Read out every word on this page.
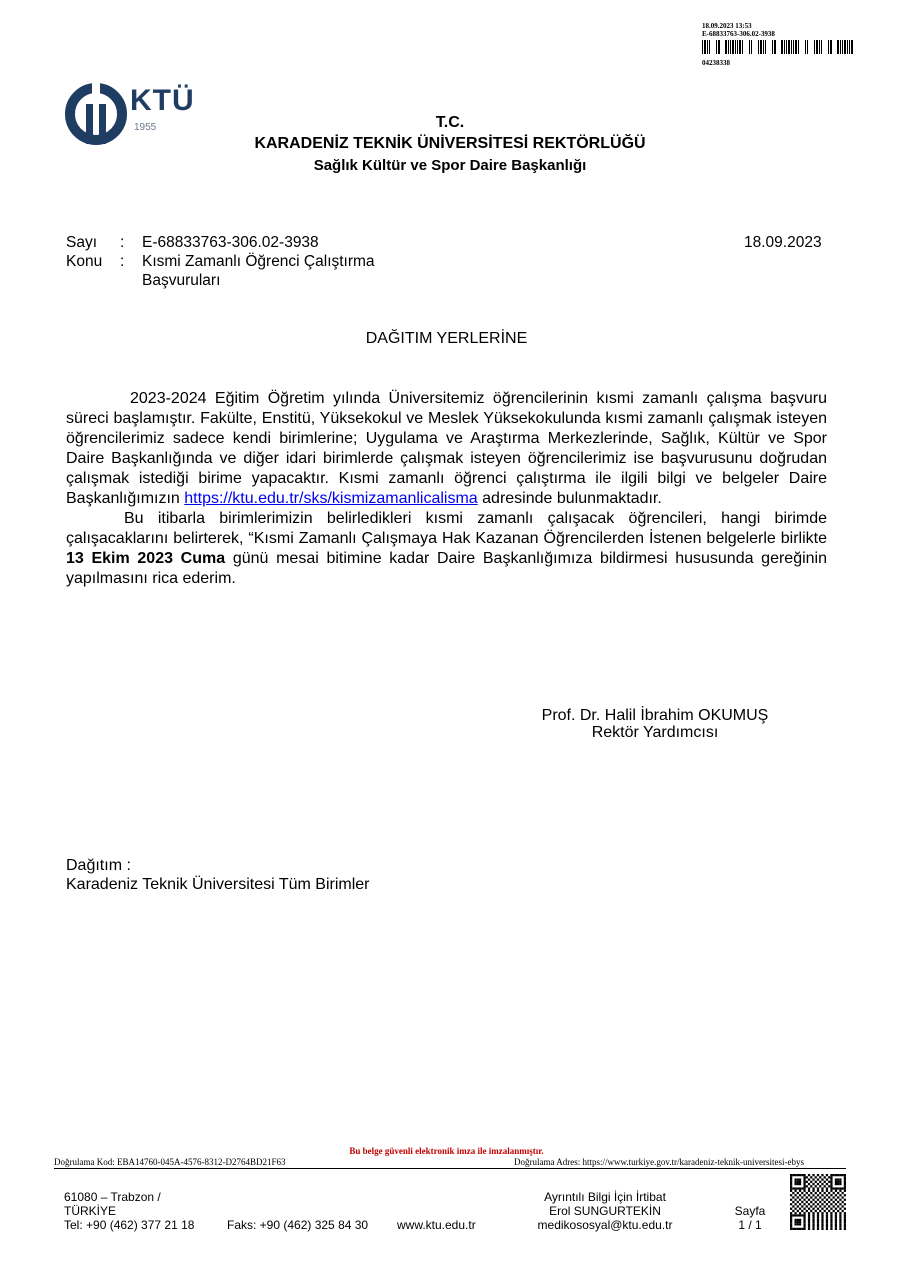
18.09.2023 13:53
E-68833763-306.02-3938
04238338
KTÜ
1955	T.C.
KARADENİZ TEKNİK ÜNİVERSİTESİ REKTÖRLÜĞÜ
Sağlık Kültür ve Spor Daire Başkanlığı
Sayı : E-68833763-306.02-3938	18.09.2023
Konu : Kısmi Zamanlı Öğrenci Çalıştırma
Başvuruları
DAĞITIM YERLERİNE

2023-2024 Eğitim Öğretim yılında Üniversitemiz öğrencilerinin kısmi zamanlı çalışma başvuru süreci başlamıştır. Fakülte, Enstitü, Yüksekokul ve Meslek Yüksekokulunda kısmi zamanlı çalışmak isteyen öğrencilerimiz sadece kendi birimlerine; Uygulama ve Araştırma Merkezlerinde, Sağlık, Kültür ve Spor Daire Başkanlığında ve diğer idari birimlerde çalışmak isteyen öğrencilerimiz ise başvurusunu doğrudan çalışmak istediği birime yapacaktır. Kısmi zamanlı öğrenci çalıştırma ile ilgili bilgi ve belgeler Daire Başkanlığımızın https://ktu.edu.tr/sks/kismizamanlicalisma adresinde bulunmaktadır.

Bu itibarla birimlerimizin belirledikleri kısmi zamanlı çalışacak öğrencileri, hangi birimde çalışacaklarını belirterek, “Kısmi Zamanlı Çalışmaya Hak Kazanan Öğrencilerden İstenen belgelerle birlikte 13 Ekim 2023 Cuma günü mesai bitimine kadar Daire Başkanlığımıza bildirmesi hususunda gereğinin yapılmasını rica ederim.

Prof. Dr. Halil İbrahim OKUMUŞ
Rektör Yardımcısı
Dağıtım :
Karadeniz Teknik Üniversitesi Tüm Birimler
Bu belge güvenli elektronik imza ile imzalanmıştır.
Doğrulama Kod: EBA14760-045A-4576-8312-D2764BD21F63	Doğrulama Adres: https://www.turkiye.gov.tr/karadeniz-teknik-universitesi-ebys
61080 – Trabzon /
TÜRKİYE
Tel: +90 (462) 377 21 18	Faks: +90 (462) 325 84 30 www.ktu.edu.tr
Ayrıntılı Bilgi İçin İrtibat
Erol SUNGURTEKİN
medikososyal@ktu.edu.tr
Sayfa
1 / 1
